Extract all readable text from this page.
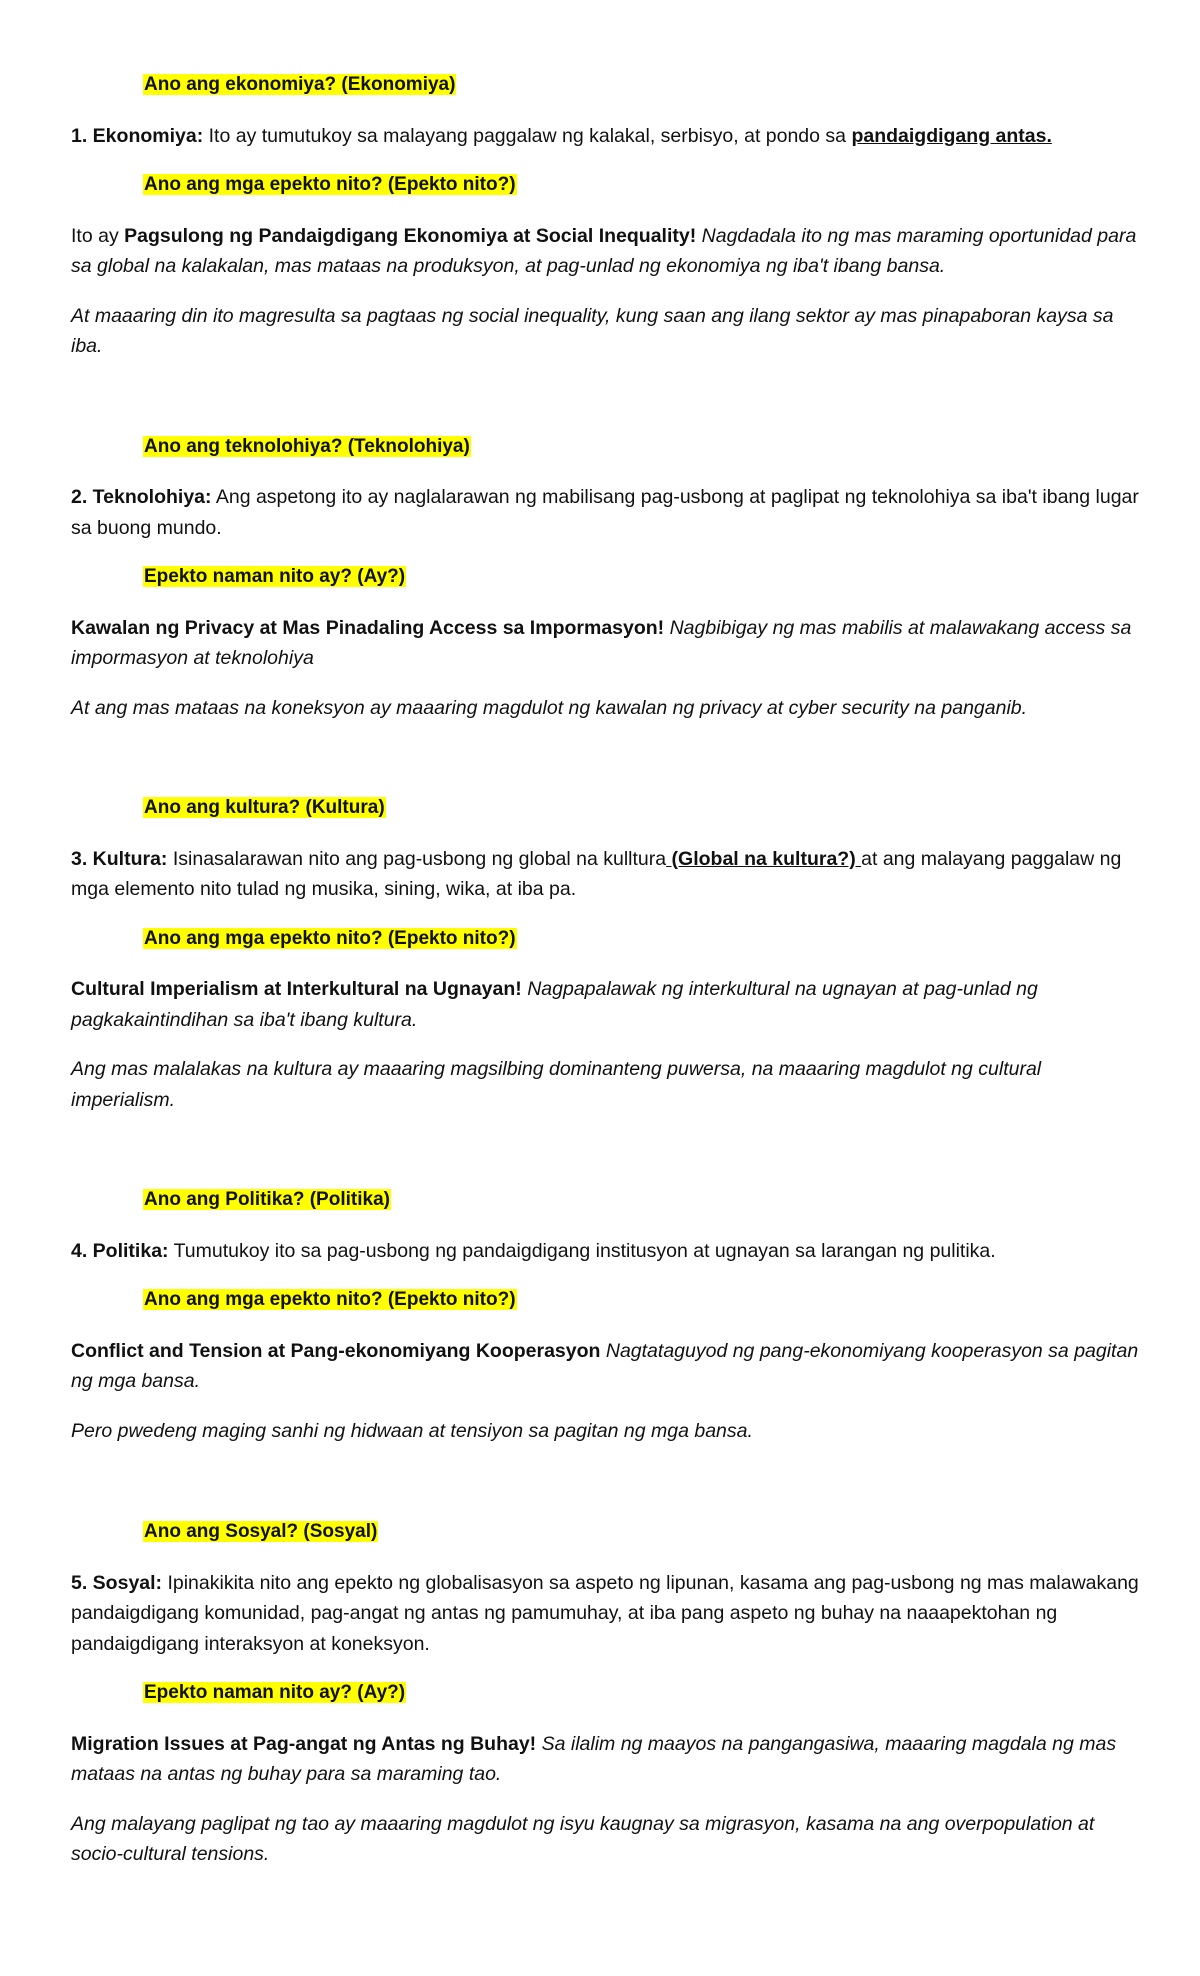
Ano ang ekonomiya? (Ekonomiya)

1. Ekonomiya: Ito ay tumutukoy sa malayang paggalaw ng kalakal, serbisyo, at pondo sa pandaigdigang antas.

Ano ang mga epekto nito? (Epekto nito?)

Ito ay Pagsulong ng Pandaigdigang Ekonomiya at Social Inequality! Nagdadala ito ng mas maraming oportunidad para sa global na kalakalan, mas mataas na produksyon, at pag-unlad ng ekonomiya ng iba't ibang bansa.

At maaaring din ito magresulta sa pagtaas ng social inequality, kung saan ang ilang sektor ay mas pinapaboran kaysa sa iba.

Ano ang teknolohiya? (Teknolohiya)

2. Teknolohiya: Ang aspetong ito ay naglalarawan ng mabilisang pag-usbong at paglipat ng teknolohiya sa iba't ibang lugar sa buong mundo.

Epekto naman nito ay? (Ay?)

Kawalan ng Privacy at Mas Pinadaling Access sa Impormasyon! Nagbibigay ng mas mabilis at malawakang access sa impormasyon at teknolohiya

At ang mas mataas na koneksyon ay maaaring magdulot ng kawalan ng privacy at cyber security na panganib.

Ano ang kultura? (Kultura)

3. Kultura: Isinasalarawan nito ang pag-usbong ng global na kulltura (Global na kultura?) at ang malayang paggalaw ng mga elemento nito tulad ng musika, sining, wika, at iba pa.

Ano ang mga epekto nito? (Epekto nito?)

Cultural Imperialism at Interkultural na Ugnayan! Nagpapalawak ng interkultural na ugnayan at pag-unlad ng pagkakaintindihan sa iba't ibang kultura.

Ang mas malalakas na kultura ay maaaring magsilbing dominanteng puwersa, na maaaring magdulot ng cultural imperialism.

Ano ang Politika? (Politika)

4. Politika: Tumutukoy ito sa pag-usbong ng pandaigdigang institusyon at ugnayan sa larangan ng pulitika.

Ano ang mga epekto nito? (Epekto nito?)

Conflict and Tension at Pang-ekonomiyang Kooperasyon Nagtataguyod ng pang-ekonomiyang kooperasyon sa pagitan ng mga bansa.

Pero pwedeng maging sanhi ng hidwaan at tensiyon sa pagitan ng mga bansa.

Ano ang Sosyal? (Sosyal)

5. Sosyal: Ipinakikita nito ang epekto ng globalisasyon sa aspeto ng lipunan, kasama ang pag-usbong ng mas malawakang pandaigdigang komunidad, pag-angat ng antas ng pamumuhay, at iba pang aspeto ng buhay na naaapektohan ng pandaigdigang interaksyon at koneksyon.

Epekto naman nito ay? (Ay?)

Migration Issues at Pag-angat ng Antas ng Buhay! Sa ilalim ng maayos na pangangasiwa, maaaring magdala ng mas mataas na antas ng buhay para sa maraming tao.

Ang malayang paglipat ng tao ay maaaring magdulot ng isyu kaugnay sa migrasyon, kasama na ang overpopulation at socio-cultural tensions.
